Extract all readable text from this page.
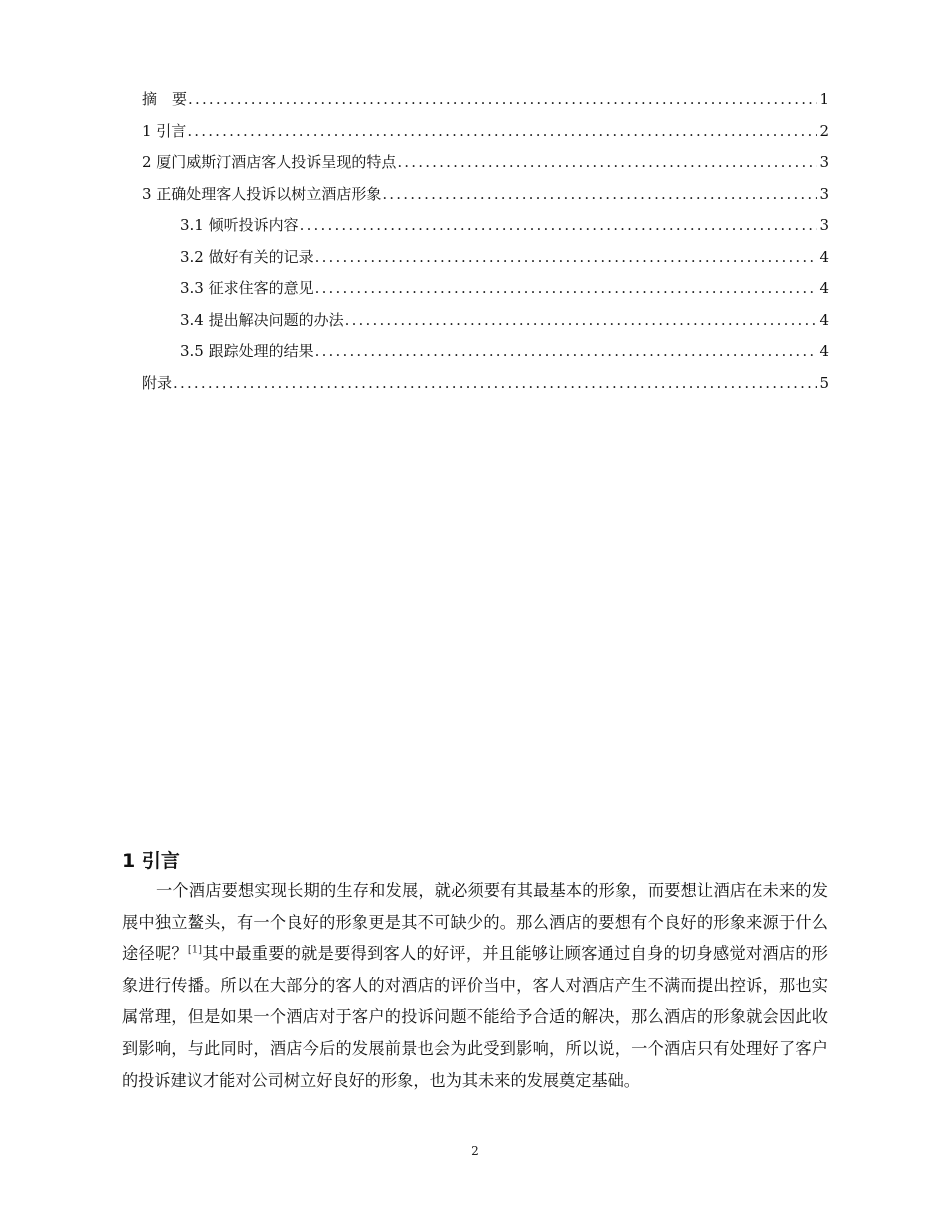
摘　要 .....	1
1 引言 .....	2
2 厦门威斯汀酒店客人投诉呈现的特点 .....	3
3 正确处理客人投诉以树立酒店形象 .....	3
3.1 倾听投诉内容 .....	3
3.2 做好有关的记录 .....	4
3.3 征求住客的意见 .....	4
3.4 提出解决问题的办法 .....	4
3.5 跟踪处理的结果 .....	4
附录 .....	5
1 引言

一个酒店要想实现长期的生存和发展，就必须要有其最基本的形象，而要想让酒店在未来的发展中独立鳌头，有一个良好的形象更是其不可缺少的。那么酒店的要想有个良好的形象来源于什么途径呢？[1]其中最重要的就是要得到客人的好评，并且能够让顾客通过自身的切身感觉对酒店的形象进行传播。所以在大部分的客人的对酒店的评价当中，客人对酒店产生不满而提出控诉，那也实属常理，但是如果一个酒店对于客户的投诉问题不能给予合适的解决，那么酒店的形象就会因此收到影响，与此同时，酒店今后的发展前景也会为此受到影响，所以说，一个酒店只有处理好了客户的投诉建议才能对公司树立好良好的形象，也为其未来的发展奠定基础。

2
